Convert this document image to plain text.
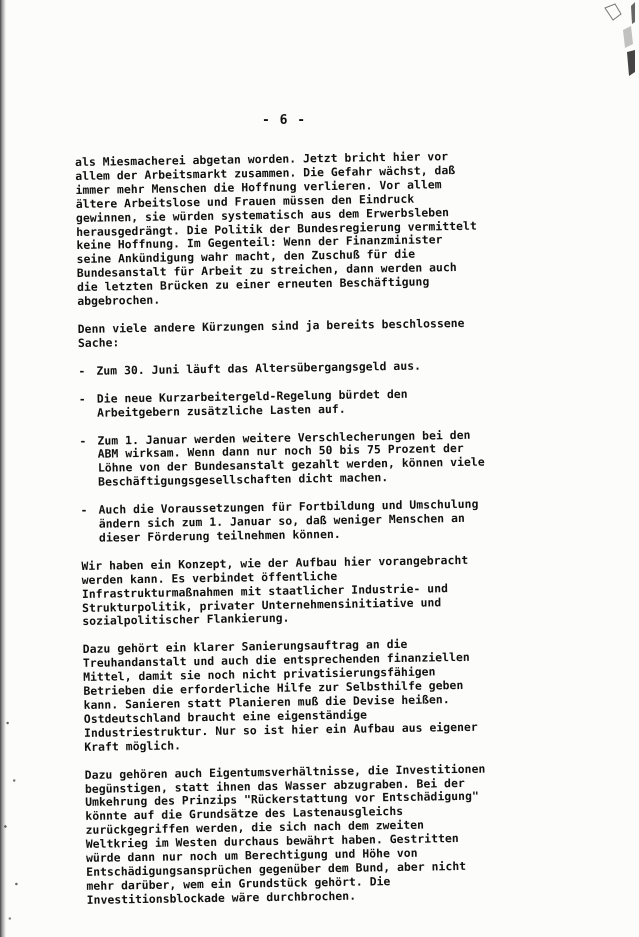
- 6 -

als Miesmacherei abgetan worden. Jetzt bricht hier vor
allem der Arbeitsmarkt zusammen. Die Gefahr wächst, daß
immer mehr Menschen die Hoffnung verlieren. Vor allem
ältere Arbeitslose und Frauen müssen den Eindruck
gewinnen, sie würden systematisch aus dem Erwerbsleben
herausgedrängt. Die Politik der Bundesregierung vermittelt
keine Hoffnung. Im Gegenteil: Wenn der Finanzminister
seine Ankündigung wahr macht, den Zuschuß für die
Bundesanstalt für Arbeit zu streichen, dann werden auch
die letzten Brücken zu einer erneuten Beschäftigung
abgebrochen.

Denn viele andere Kürzungen sind ja bereits beschlossene
Sache:

- Zum 30. Juni läuft das Altersübergangsgeld aus.
- Die neue Kurzarbeitergeld-Regelung bürdet den
Arbeitgebern zusätzliche Lasten auf.
- Zum 1. Januar werden weitere Verschlecherungen bei den
ABM wirksam. Wenn dann nur noch 50 bis 75 Prozent der
Löhne von der Bundesanstalt gezahlt werden, können viele
Beschäftigungsgesellschaften dicht machen.
- Auch die Voraussetzungen für Fortbildung und Umschulung
ändern sich zum 1. Januar so, daß weniger Menschen an
dieser Förderung teilnehmen können.

Wir haben ein Konzept, wie der Aufbau hier vorangebracht
werden kann. Es verbindet öffentliche
Infrastrukturmaßnahmen mit staatlicher Industrie- und
Strukturpolitik, privater Unternehmensinitiative und
sozialpolitischer Flankierung.

Dazu gehört ein klarer Sanierungsauftrag an die
Treuhandanstalt und auch die entsprechenden finanziellen
Mittel, damit sie noch nicht privatisierungsfähigen
Betrieben die erforderliche Hilfe zur Selbsthilfe geben
kann. Sanieren statt Planieren muß die Devise heißen.
Ostdeutschland braucht eine eigenständige
Industriestruktur. Nur so ist hier ein Aufbau aus eigener
Kraft möglich.

Dazu gehören auch Eigentumsverhältnisse, die Investitionen
begünstigen, statt ihnen das Wasser abzugraben. Bei der
Umkehrung des Prinzips "Rückerstattung vor Entschädigung"
könnte auf die Grundsätze des Lastenausgleichs
zurückgegriffen werden, die sich nach dem zweiten
Weltkrieg im Westen durchaus bewährt haben. Gestritten
würde dann nur noch um Berechtigung und Höhe von
Entschädigungsansprüchen gegenüber dem Bund, aber nicht
mehr darüber, wem ein Grundstück gehört. Die
Investitionsblockade wäre durchbrochen.
